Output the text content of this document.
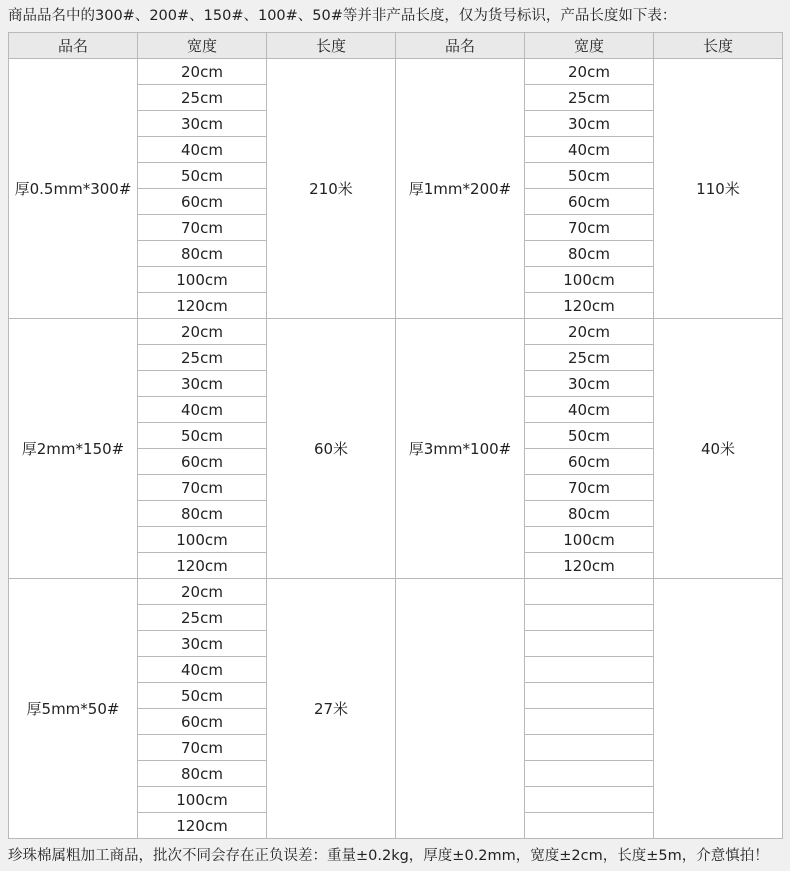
商品品名中的300#、200#、150#、100#、50#等并非产品长度，仅为货号标识，产品长度如下表：
品名	宽度	长度	品名	宽度	长度
厚0.5mm*300#	20cm	210米	厚1mm*200#	20cm	110米
	25cm			25cm	
	30cm			30cm	
	40cm			40cm	
	50cm			50cm	
	60cm			60cm	
	70cm			70cm	
	80cm			80cm	
	100cm			100cm	
	120cm			120cm	
厚2mm*150#	20cm	60米	厚3mm*100#	20cm	40米
	25cm			25cm	
	30cm			30cm	
	40cm			40cm	
	50cm			50cm	
	60cm			60cm	
	70cm			70cm	
	80cm			80cm	
	100cm			100cm	
	120cm			120cm	
厚5mm*50#	20cm	27米			
	25cm				
	30cm				
	40cm				
	50cm				
	60cm				
	70cm				
	80cm				
	100cm				
	120cm				
珍珠棉属粗加工商品，批次不同会存在正负误差：重量±0.2kg，厚度±0.2mm，宽度±2cm，长度±5m，介意慎拍！
